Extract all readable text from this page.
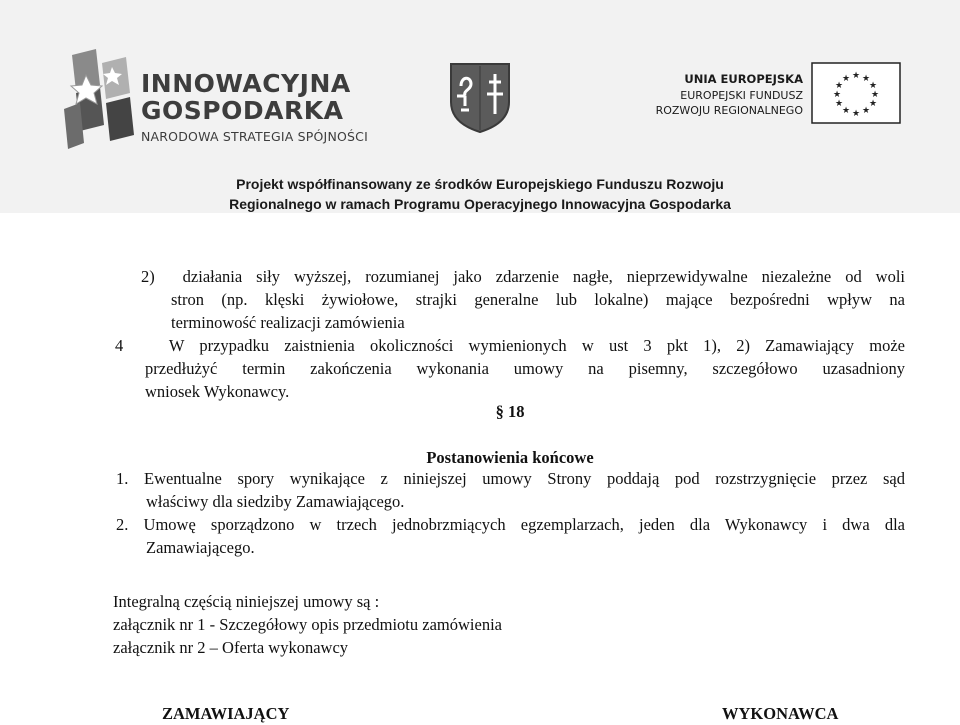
INNOWACYJNA
GOSPODARKA
NARODOWA STRATEGIA SPÓJNOŚCI
UNIA EUROPEJSKA
EUROPEJSKI FUNDUSZ
ROZWOJU REGIONALNEGO
★ ★
★
★
★
★
★
★
★
★
★
★
Projekt współfinansowany ze środków Europejskiego Funduszu Rozwoju
Regionalnego w ramach Programu Operacyjnego Innowacyjna Gospodarka
2)  działania siły wyższej, rozumianej jako zdarzenie nagłe, nieprzewidywalne niezależne od woli
stron (np. klęski żywiołowe, strajki generalne lub lokalne) mające bezpośredni wpływ na
terminowość realizacji zamówienia
4   W przypadku zaistnienia okoliczności wymienionych w ust 3 pkt 1), 2) Zamawiający może
przedłużyć termin zakończenia wykonania umowy na pisemny, szczegółowo uzasadniony
wniosek Wykonawcy.
§ 18
Postanowienia końcowe
1. Ewentualne spory wynikające z niniejszej umowy Strony poddają pod rozstrzygnięcie przez sąd
właściwy dla siedziby Zamawiającego.
2. Umowę sporządzono w trzech jednobrzmiących egzemplarzach, jeden dla Wykonawcy i dwa dla
Zamawiającego.
Integralną częścią niniejszej umowy są :
załącznik nr 1 - Szczegółowy opis przedmiotu zamówienia
załącznik nr 2 – Oferta wykonawcy
ZAMAWIAJĄCY	WYKONAWCA
